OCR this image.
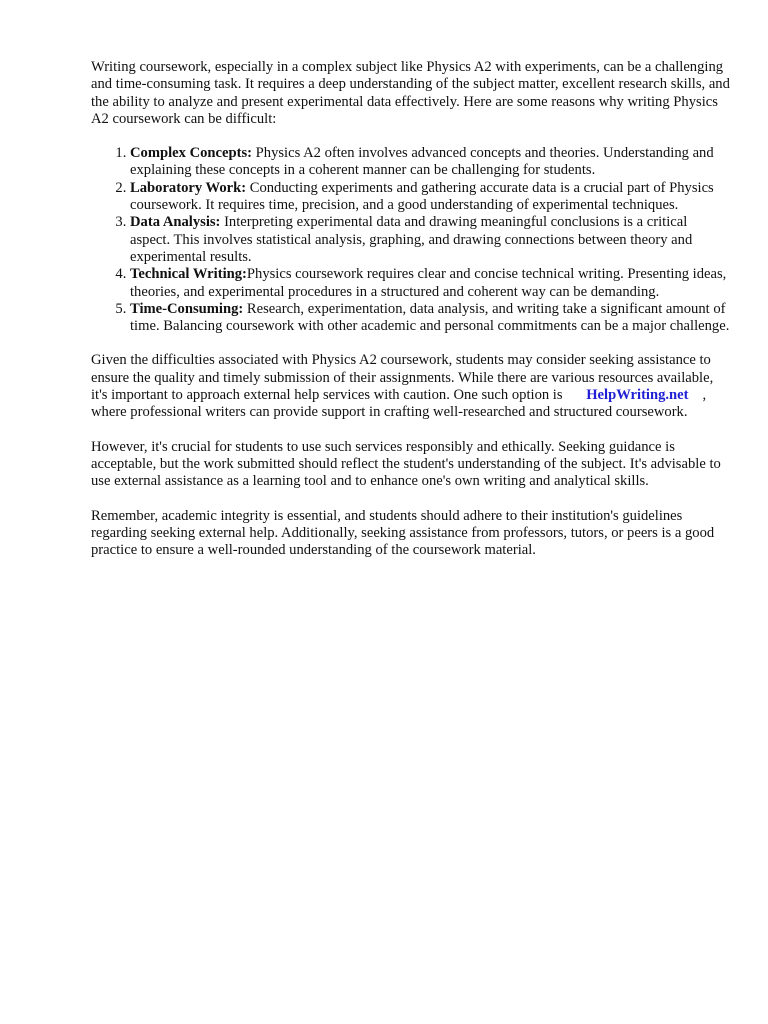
Writing coursework, especially in a complex subject like Physics A2 with experiments, can be a challenging and time-consuming task. It requires a deep understanding of the subject matter, excellent research skills, and the ability to analyze and present experimental data effectively. Here are some reasons why writing Physics A2 coursework can be difficult:

1. Complex Concepts: Physics A2 often involves advanced concepts and theories. Understanding and explaining these concepts in a coherent manner can be challenging for students.
2. Laboratory Work: Conducting experiments and gathering accurate data is a crucial part of Physics coursework. It requires time, precision, and a good understanding of experimental techniques.
3. Data Analysis: Interpreting experimental data and drawing meaningful conclusions is a critical aspect. This involves statistical analysis, graphing, and drawing connections between theory and experimental results.
4. Technical Writing:Physics coursework requires clear and concise technical writing. Presenting ideas, theories, and experimental procedures in a structured and coherent way can be demanding.
5. Time-Consuming: Research, experimentation, data analysis, and writing take a significant amount of time. Balancing coursework with other academic and personal commitments can be a major challenge.

Given the difficulties associated with Physics A2 coursework, students may consider seeking assistance to ensure the quality and timely submission of their assignments. While there are various resources available, it's important to approach external help services with caution. One such option is HelpWriting.net , where professional writers can provide support in crafting well-researched and structured coursework.

However, it's crucial for students to use such services responsibly and ethically. Seeking guidance is acceptable, but the work submitted should reflect the student's understanding of the subject. It's advisable to use external assistance as a learning tool and to enhance one's own writing and analytical skills.

Remember, academic integrity is essential, and students should adhere to their institution's guidelines regarding seeking external help. Additionally, seeking assistance from professors, tutors, or peers is a good practice to ensure a well-rounded understanding of the coursework material.
